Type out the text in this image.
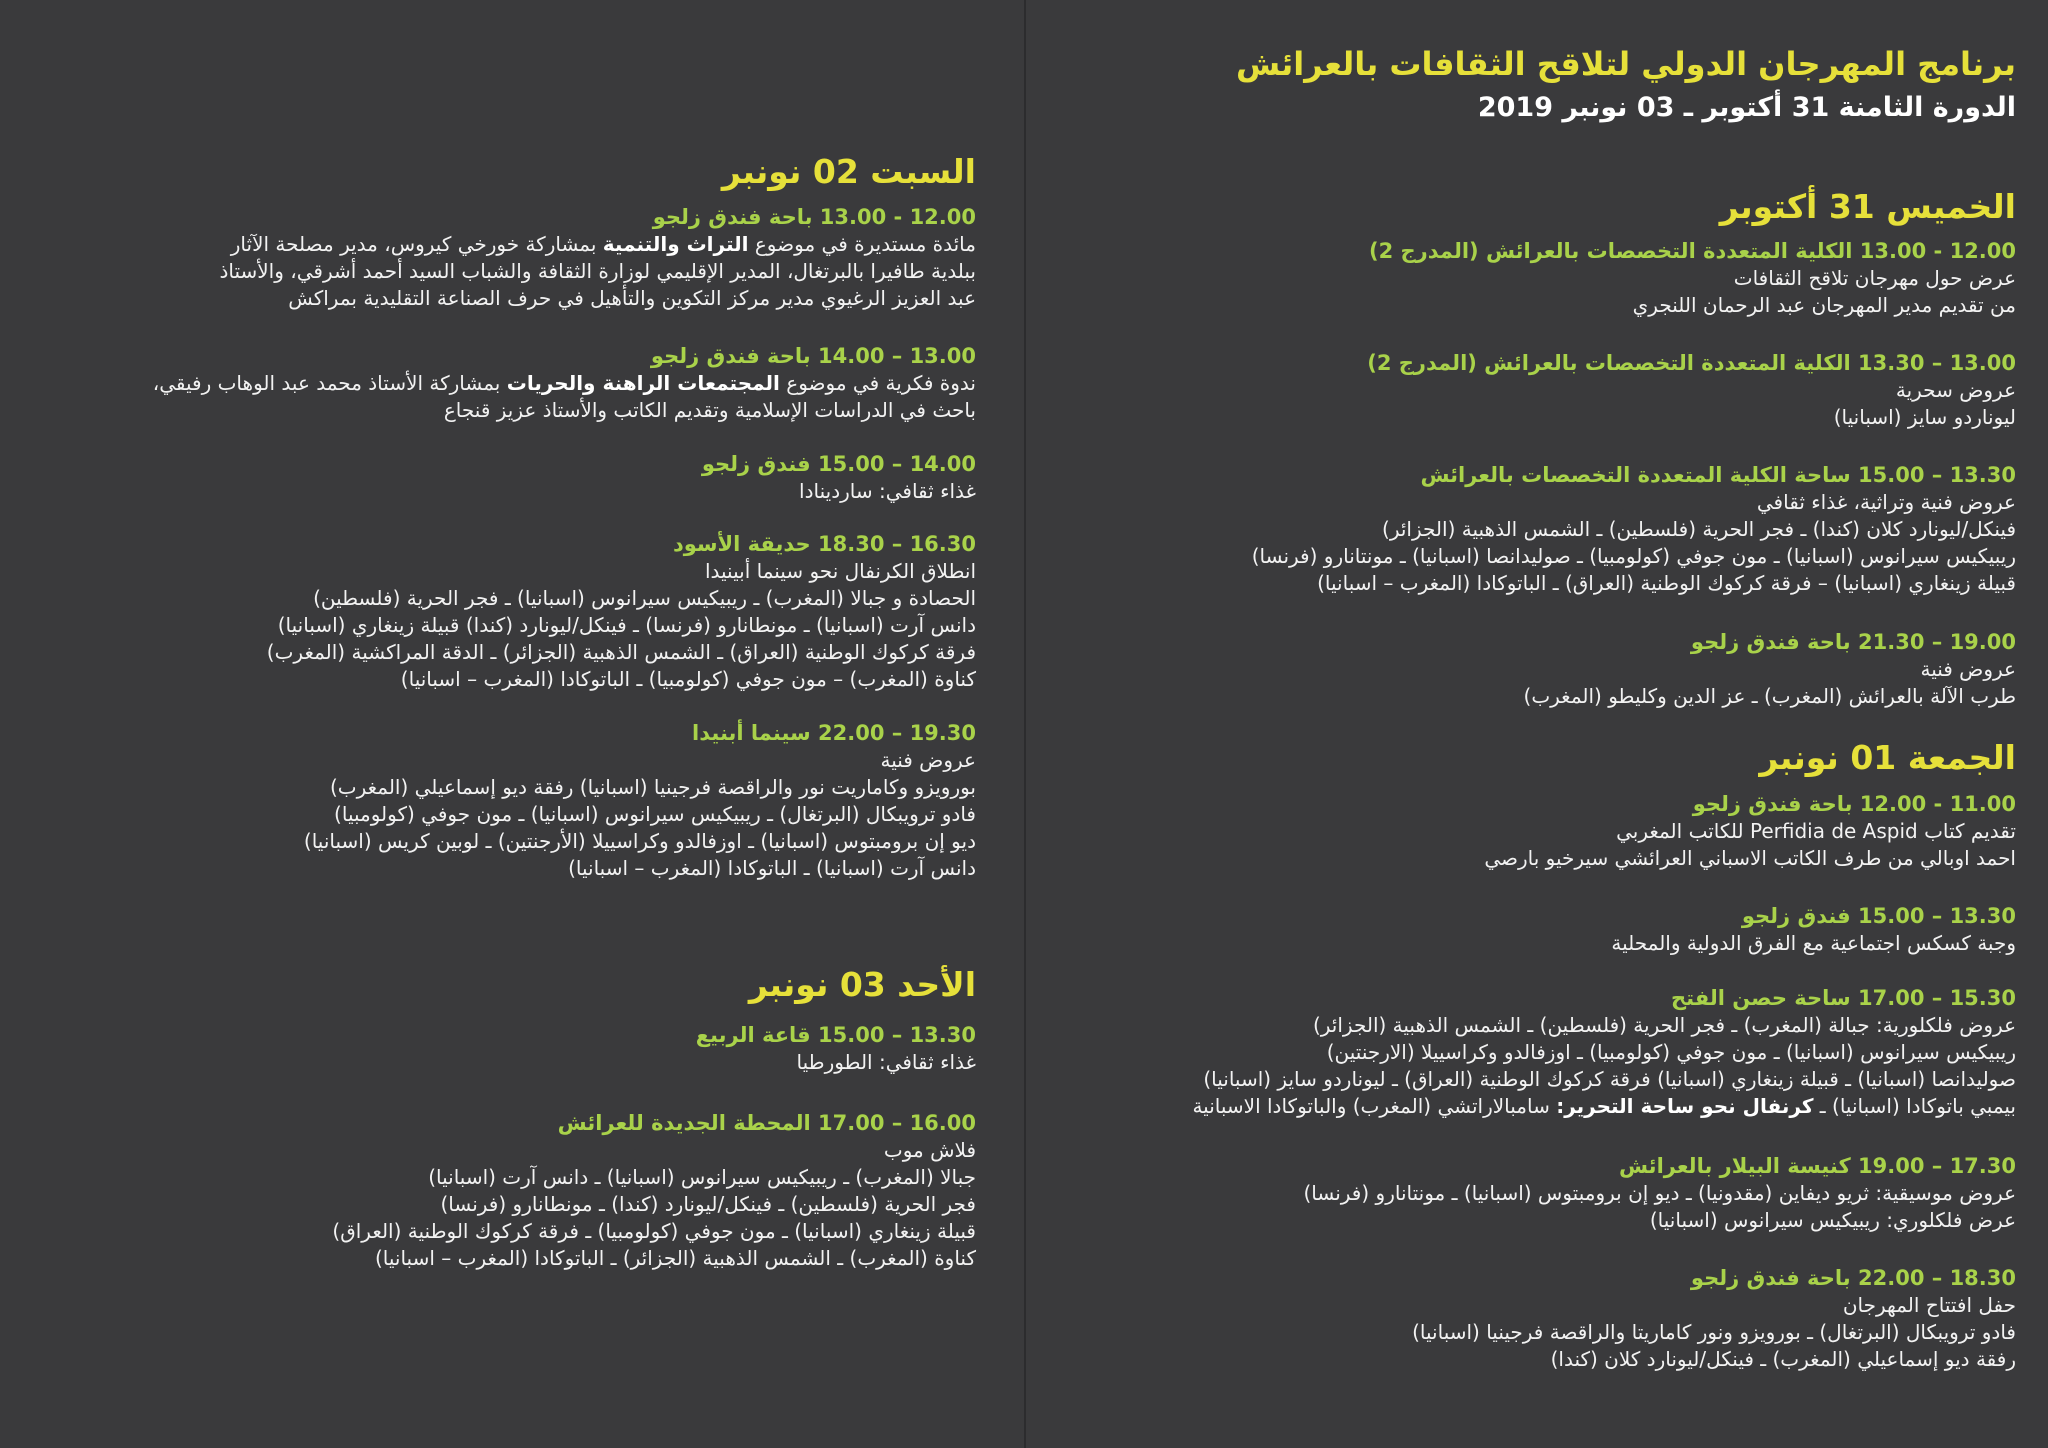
برنامج المهرجان الدولي لتلاقح الثقافات بالعرائش
الدورة الثامنة 31 أكتوبر ـ 03 نونبر 2019
الخميس 31 أكتوبر
12.00 - 13.00 الكلية المتعددة التخصصات بالعرائش (المدرج 2)
عرض حول مهرجان تلاقح الثقافات
من تقديم مدير المهرجان عبد الرحمان اللنجري
13.00 – 13.30 الكلية المتعددة التخصصات بالعرائش (المدرج 2)
عروض سحرية
ليوناردو سايز (اسبانيا)
13.30 – 15.00 ساحة الكلية المتعددة التخصصات بالعرائش
عروض فنية وتراثية، غذاء ثقافي
فينكل/ليونارد كلان (كندا) ـ فجر الحرية (فلسطين) ـ الشمس الذهبية (الجزائر)
ريبيكيس سيرانوس (اسبانيا) ـ مون جوفي (كولومبيا) ـ صوليدانصا (اسبانيا) ـ مونتانارو (فرنسا)
قبيلة زينغاري (اسبانيا) – فرقة كركوك الوطنية (العراق) ـ الباتوكادا (المغرب – اسبانيا)
19.00 – 21.30 باحة فندق زلجو
عروض فنية
طرب الآلة بالعرائش (المغرب) ـ عز الدين وكليطو (المغرب)
الجمعة 01 نونبر
11.00 - 12.00 باحة فندق زلجو
تقديم كتاب Perfidia de Aspid للكاتب المغربي
احمد اوبالي من طرف الكاتب الاسباني العرائشي سيرخيو بارصي
13.30 – 15.00 فندق زلجو
وجبة كسكس اجتماعية مع الفرق الدولية والمحلية
15.30 – 17.00 ساحة حصن الفتح
عروض فلكلورية: جبالة (المغرب) ـ فجر الحرية (فلسطين) ـ الشمس الذهبية (الجزائر)
ريبيكيس سيرانوس (اسبانيا) ـ مون جوفي (كولومبيا) ـ اوزفالدو وكراسييلا (الارجنتين)
صوليدانصا (اسبانيا) ـ قبيلة زينغاري (اسبانيا) فرقة كركوك الوطنية (العراق) ـ ليوناردو سايز (اسبانيا)
بيمبي باتوكادا (اسبانيا) ـ كرنفال نحو ساحة التحرير: سامبالاراتشي (المغرب) والباتوكادا الاسبانية
17.30 – 19.00 كنيسة البيلار بالعرائش
عروض موسيقية: ثريو ديفاين (مقدونيا) ـ ديو إن برومبتوس (اسبانيا) ـ مونتانارو (فرنسا)
عرض فلكلوري: ريبيكيس سيرانوس (اسبانيا)
18.30 – 22.00 باحة فندق زلجو
حفل افتتاح المهرجان
فادو ترويبكال (البرتغال) ـ بورويزو ونور كاماريتا والراقصة فرجينيا (اسبانيا)
رفقة ديو إسماعيلي (المغرب) ـ فينكل/ليونارد كلان (كندا)
السبت 02 نونبر
12.00 - 13.00 باحة فندق زلجو
مائدة مستديرة في موضوع التراث والتنمية بمشاركة خورخي كيروس، مدير مصلحة الآثار
ببلدية طافيرا بالبرتغال، المدير الإقليمي لوزارة الثقافة والشباب السيد أحمد أشرقي، والأستاذ
عبد العزيز الرغيوي مدير مركز التكوين والتأهيل في حرف الصناعة التقليدية بمراكش
13.00 – 14.00 باحة فندق زلجو
ندوة فكرية في موضوع المجتمعات الراهنة والحريات بمشاركة الأستاذ محمد عبد الوهاب رفيقي،
باحث في الدراسات الإسلامية وتقديم الكاتب والأستاذ عزيز قنجاع
14.00 – 15.00 فندق زلجو
غذاء ثقافي: ساردينادا
16.30 – 18.30 حديقة الأسود
انطلاق الكرنفال نحو سينما أبينيدا
الحصادة و جبالا (المغرب) ـ ريبيكيس سيرانوس (اسبانيا) ـ فجر الحرية (فلسطين)
دانس آرت (اسبانيا) ـ مونطانارو (فرنسا) ـ فينكل/ليونارد (كندا) قبيلة زينغاري (اسبانيا)
فرقة كركوك الوطنية (العراق) ـ الشمس الذهبية (الجزائر) ـ الدقة المراكشية (المغرب)
كناوة (المغرب) – مون جوفي (كولومبيا) ـ الباتوكادا (المغرب – اسبانيا)
19.30 – 22.00 سينما أبنيدا
عروض فنية
بورويزو وكاماريت نور والراقصة فرجينيا (اسبانيا) رفقة ديو إسماعيلي (المغرب)
فادو ترويبكال (البرتغال) ـ ريبيكيس سيرانوس (اسبانيا) ـ مون جوفي (كولومبيا)
ديو إن برومبتوس (اسبانيا) ـ اوزفالدو وكراسييلا (الأرجنتين) ـ لوبين كريس (اسبانيا)
دانس آرت (اسبانيا) ـ الباتوكادا (المغرب – اسبانيا)
الأحد 03 نونبر
13.30 – 15.00 قاعة الربيع
غذاء ثقافي: الطورطيا
16.00 – 17.00 المحطة الجديدة للعرائش
فلاش موب
جبالا (المغرب) ـ ريبيكيس سيرانوس (اسبانيا) ـ دانس آرت (اسبانيا)
فجر الحرية (فلسطين) ـ فينكل/ليونارد (كندا) ـ مونطانارو (فرنسا)
قبيلة زينغاري (اسبانيا) ـ مون جوفي (كولومبيا) ـ فرقة كركوك الوطنية (العراق)
كناوة (المغرب) ـ الشمس الذهبية (الجزائر) ـ الباتوكادا (المغرب – اسبانيا)
